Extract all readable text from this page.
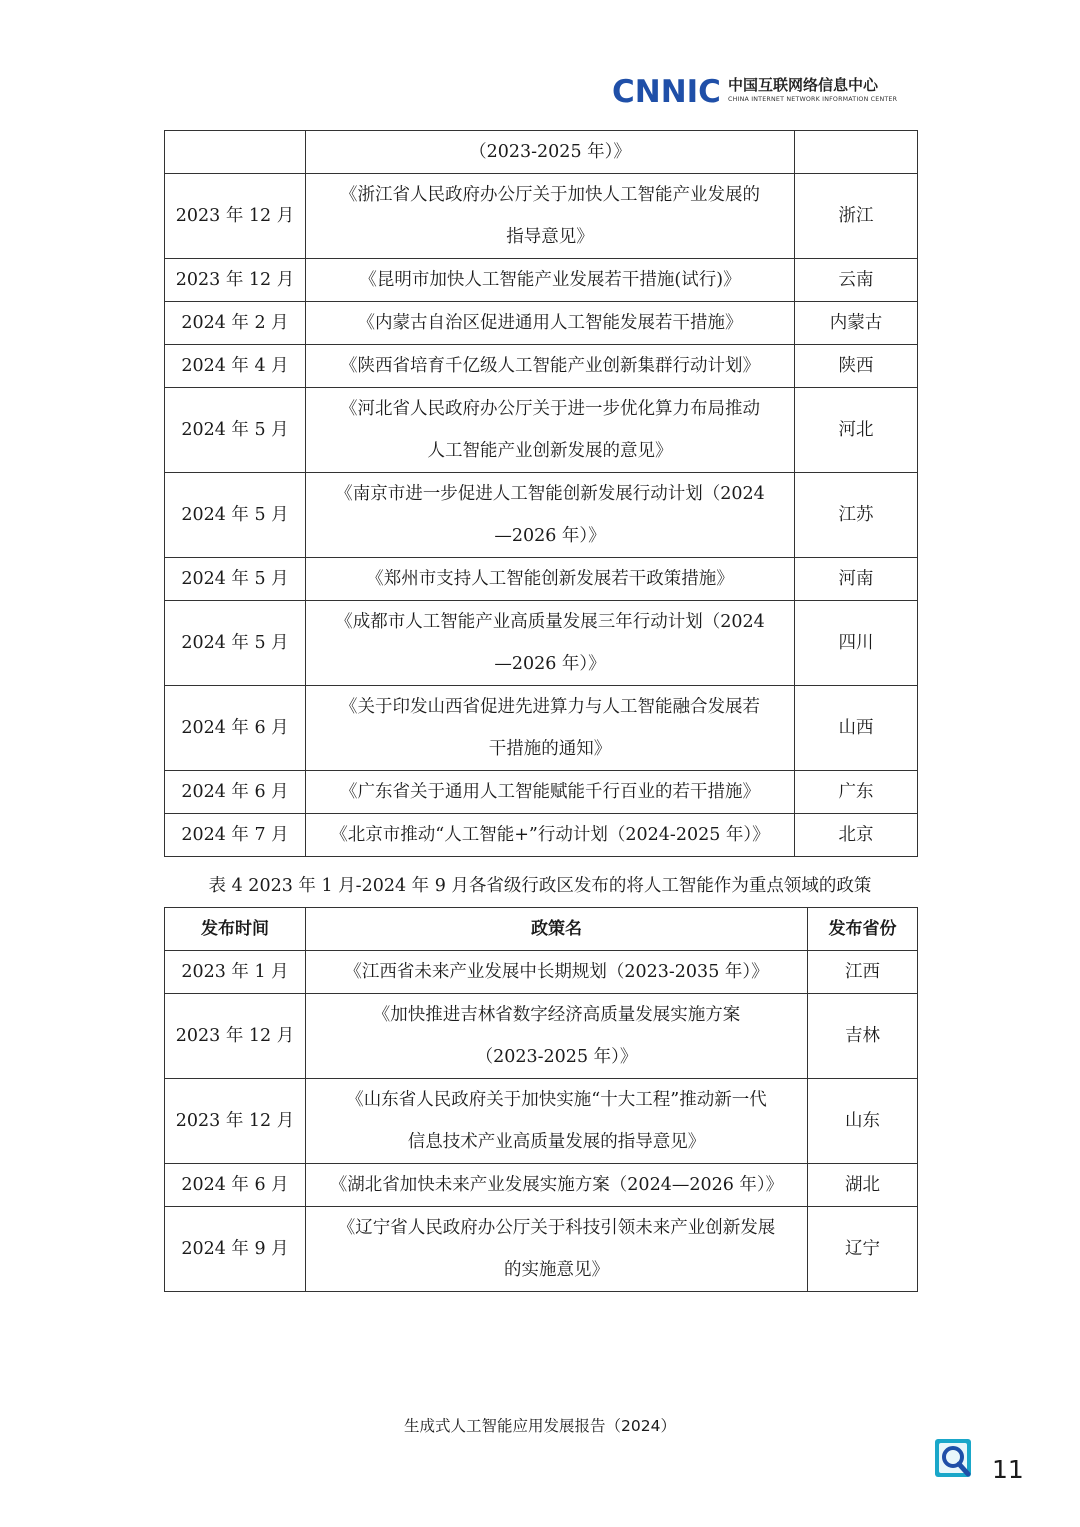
CNNIC 中国互联网络信息中心
CHINA INTERNET NETWORK INFORMATION CENTER

	（2023-2025 年）》	

2023 年 12 月	《浙江省人民政府办公厅关于加快人工智能产业发展的
指导意见》	浙江
2023 年 12 月	《昆明市加快人工智能产业发展若干措施(试行)》	云南
2024 年 2 月	《内蒙古自治区促进通用人工智能发展若干措施》	内蒙古
2024 年 4 月	《陕西省培育千亿级人工智能产业创新集群行动计划》	陕西
2024 年 5 月	《河北省人民政府办公厅关于进一步优化算力布局推动
人工智能产业创新发展的意见》	河北
2024 年 5 月	《南京市进一步促进人工智能创新发展行动计划（2024
—2026 年）》	江苏
2024 年 5 月	《郑州市支持人工智能创新发展若干政策措施》	河南
2024 年 5 月	《成都市人工智能产业高质量发展三年行动计划（2024
—2026 年）》	四川
2024 年 6 月	《关于印发山西省促进先进算力与人工智能融合发展若
干措施的通知》	山西
2024 年 6 月	《广东省关于通用人工智能赋能千行百业的若干措施》	广东
2024 年 7 月	《北京市推动“人工智能+”行动计划（2024-2025 年）》	北京
表 4 2023 年 1 月-2024 年 9 月各省级行政区发布的将人工智能作为重点领域的政策
发布时间	政策名	发布省份
2023 年 1 月	《江西省未来产业发展中长期规划（2023-2035 年）》	江西
2023 年 12 月	《加快推进吉林省数字经济高质量发展实施方案
（2023-2025 年）》	吉林
2023 年 12 月	《山东省人民政府关于加快实施“十大工程”推动新一代
信息技术产业高质量发展的指导意见》	山东
2024 年 6 月	《湖北省加快未来产业发展实施方案（2024—2026 年）》	湖北
2024 年 9 月	《辽宁省人民政府办公厅关于科技引领未来产业创新发展
的实施意见》	辽宁
生成式人工智能应用发展报告（2024）
11
